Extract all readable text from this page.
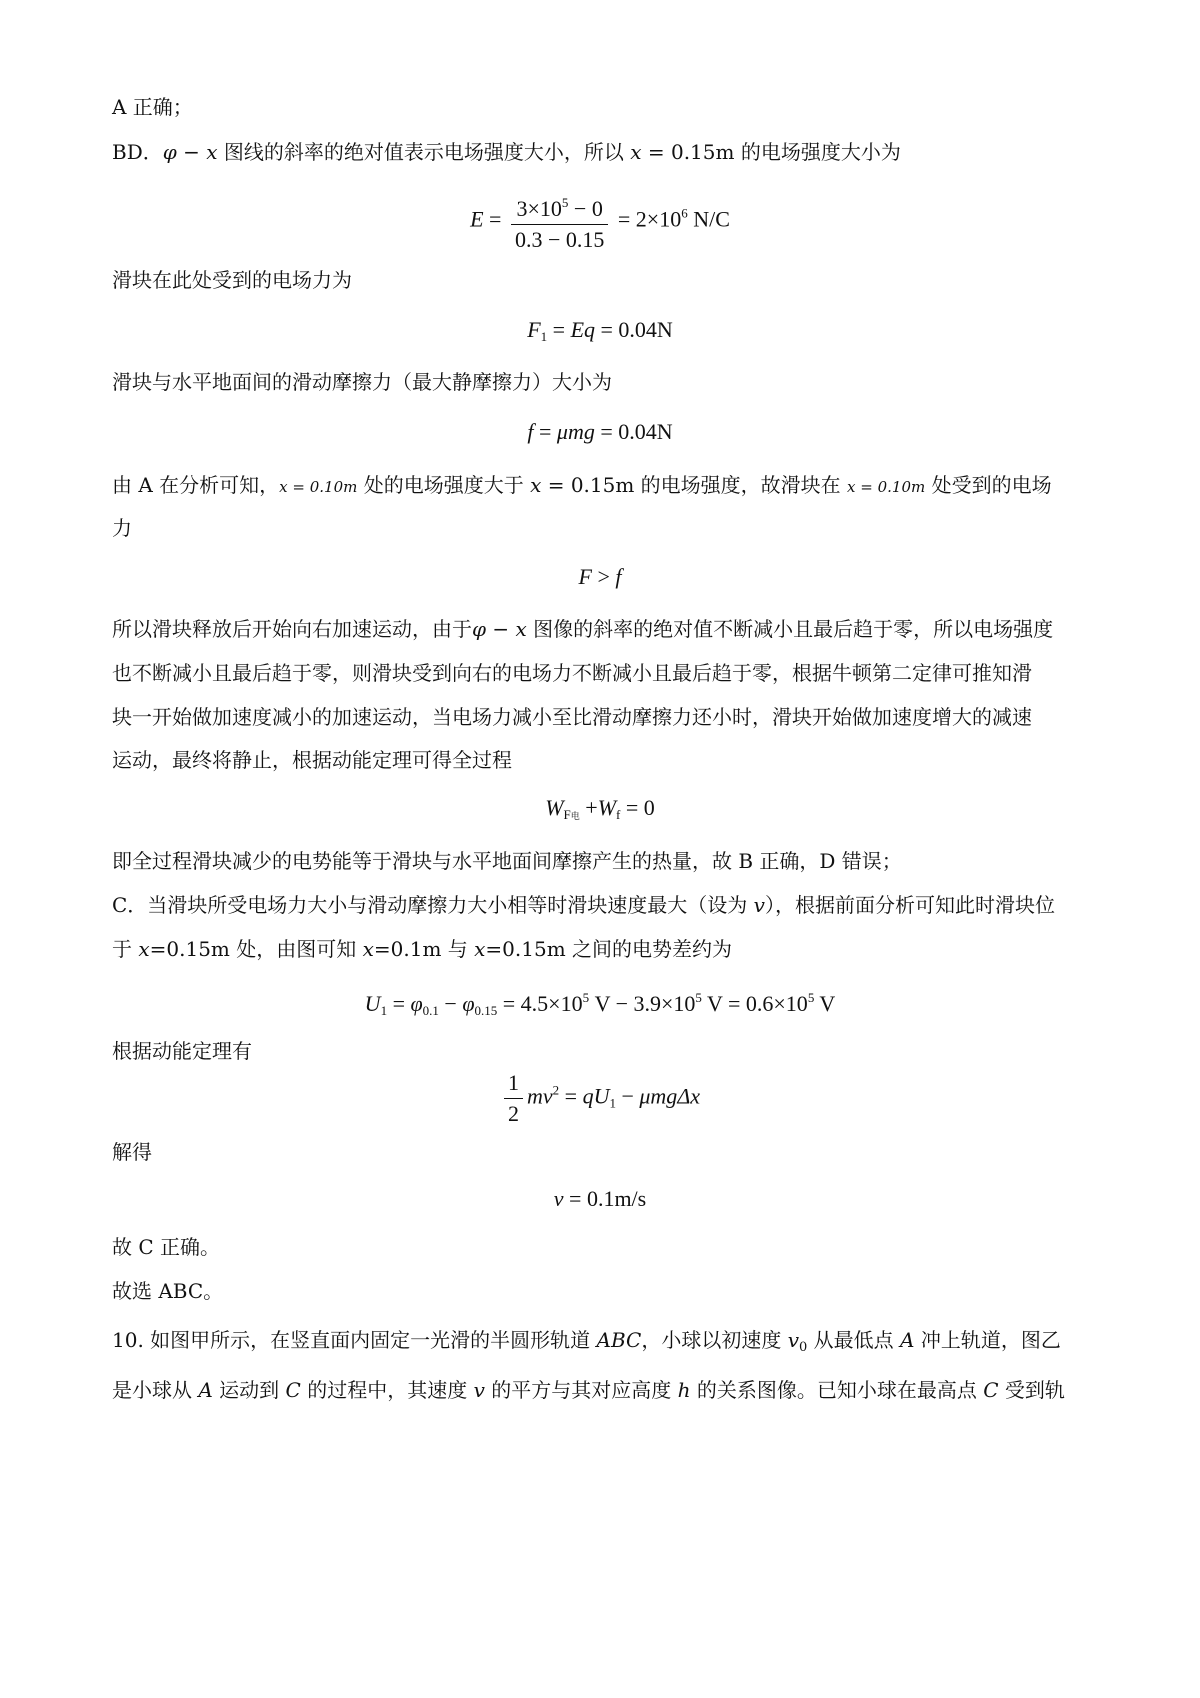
A 正确；
BD．φ − x 图线的斜率的绝对值表示电场强度大小，所以 x = 0.15m 的电场强度大小为
$E = \frac{3\times 10^5 - 0}{0.3 - 0.15} = 2\times 10^6$ N/C
滑块在此处受到的电场力为
$F_1 = Eq = 0.04N$
滑块与水平地面间的滑动摩擦力（最大静摩擦力）大小为
f = μmg = 0.04N
由 A 在分析可知，x = 0.10m 处的电场强度大于 x = 0.15m 的电场强度，故滑块在 x = 0.10m 处受到的电场
力
F > f
所以滑块释放后开始向右加速运动，由于φ − x 图像的斜率的绝对值不断减小且最后趋于零，所以电场强度
也不断减小且最后趋于零，则滑块受到向右的电场力不断减小且最后趋于零，根据牛顿第二定律可推知滑
块一开始做加速度减小的加速运动，当电场力减小至比滑动摩擦力还小时，滑块开始做加速度增大的减速
运动，最终将静止，根据动能定理可得全过程
$W_{F电} +W_f = 0$
即全过程滑块减少的电势能等于滑块与水平地面间摩擦产生的热量，故 B 正确，D 错误；
C．当滑块所受电场力大小与滑动摩擦力大小相等时滑块速度最大（设为 v），根据前面分析可知此时滑块位
于 x=0.15m 处，由图可知 x=0.1m 与 x=0.15m 之间的电势差约为
$U_1 = \varphi_{0.1} - \varphi_{0.15} = 4.5\times 10^5$ $V - 3.9\times 10^5$ $V = 0.6\times 10^5$ V
根据动能定理有
$\frac{1}{2} mv^2 = qU_1 - \mu mg\Delta x$
解得
v = 0.1m/s
故 C 正确。
故选 ABC。
10. 如图甲所示，在竖直面内固定一光滑的半圆形轨道 ABC，小球以初速度 $v_0$ 从最低点 A 冲上轨道，图乙
是小球从 A 运动到 C 的过程中，其速度 v 的平方与其对应高度 h 的关系图像。已知小球在最高点 C 受到轨
